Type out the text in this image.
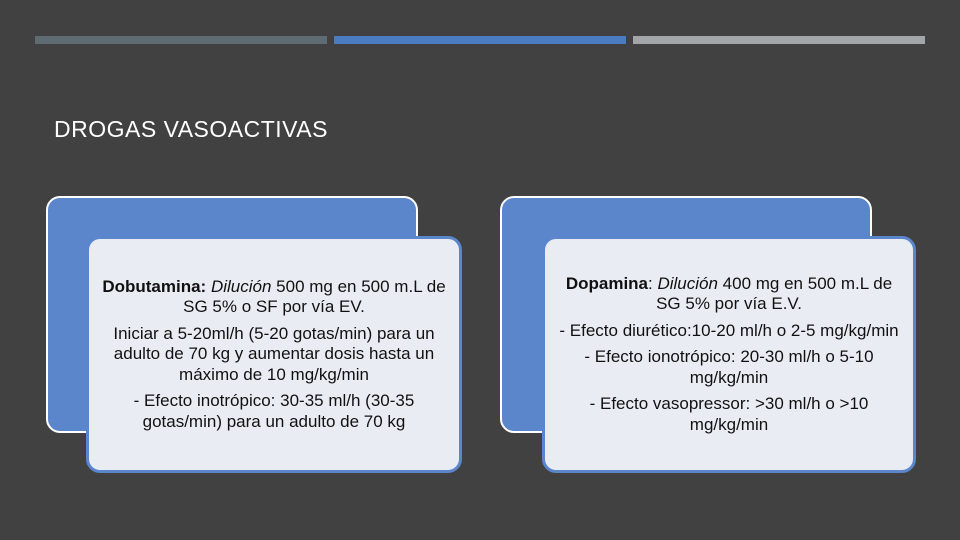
DROGAS VASOACTIVAS

Dobutamina: Dilución 500 mg en 500 m.L de SG 5% o SF por vía EV.

Iniciar a 5-20ml/h (5-20 gotas/min) para un adulto de 70 kg y aumentar dosis hasta un máximo de 10 mg/kg/min

- Efecto inotrópico: 30-35 ml/h (30-35 gotas/min) para un adulto de 70 kg

Dopamina: Dilución 400 mg en 500 m.L de SG 5% por vía E.V.

- Efecto diurético:10-20 ml/h o 2-5 mg/kg/min

- Efecto ionotrópico: 20-30 ml/h o 5-10 mg/kg/min

- Efecto vasopressor: >30 ml/h o >10 mg/kg/min
